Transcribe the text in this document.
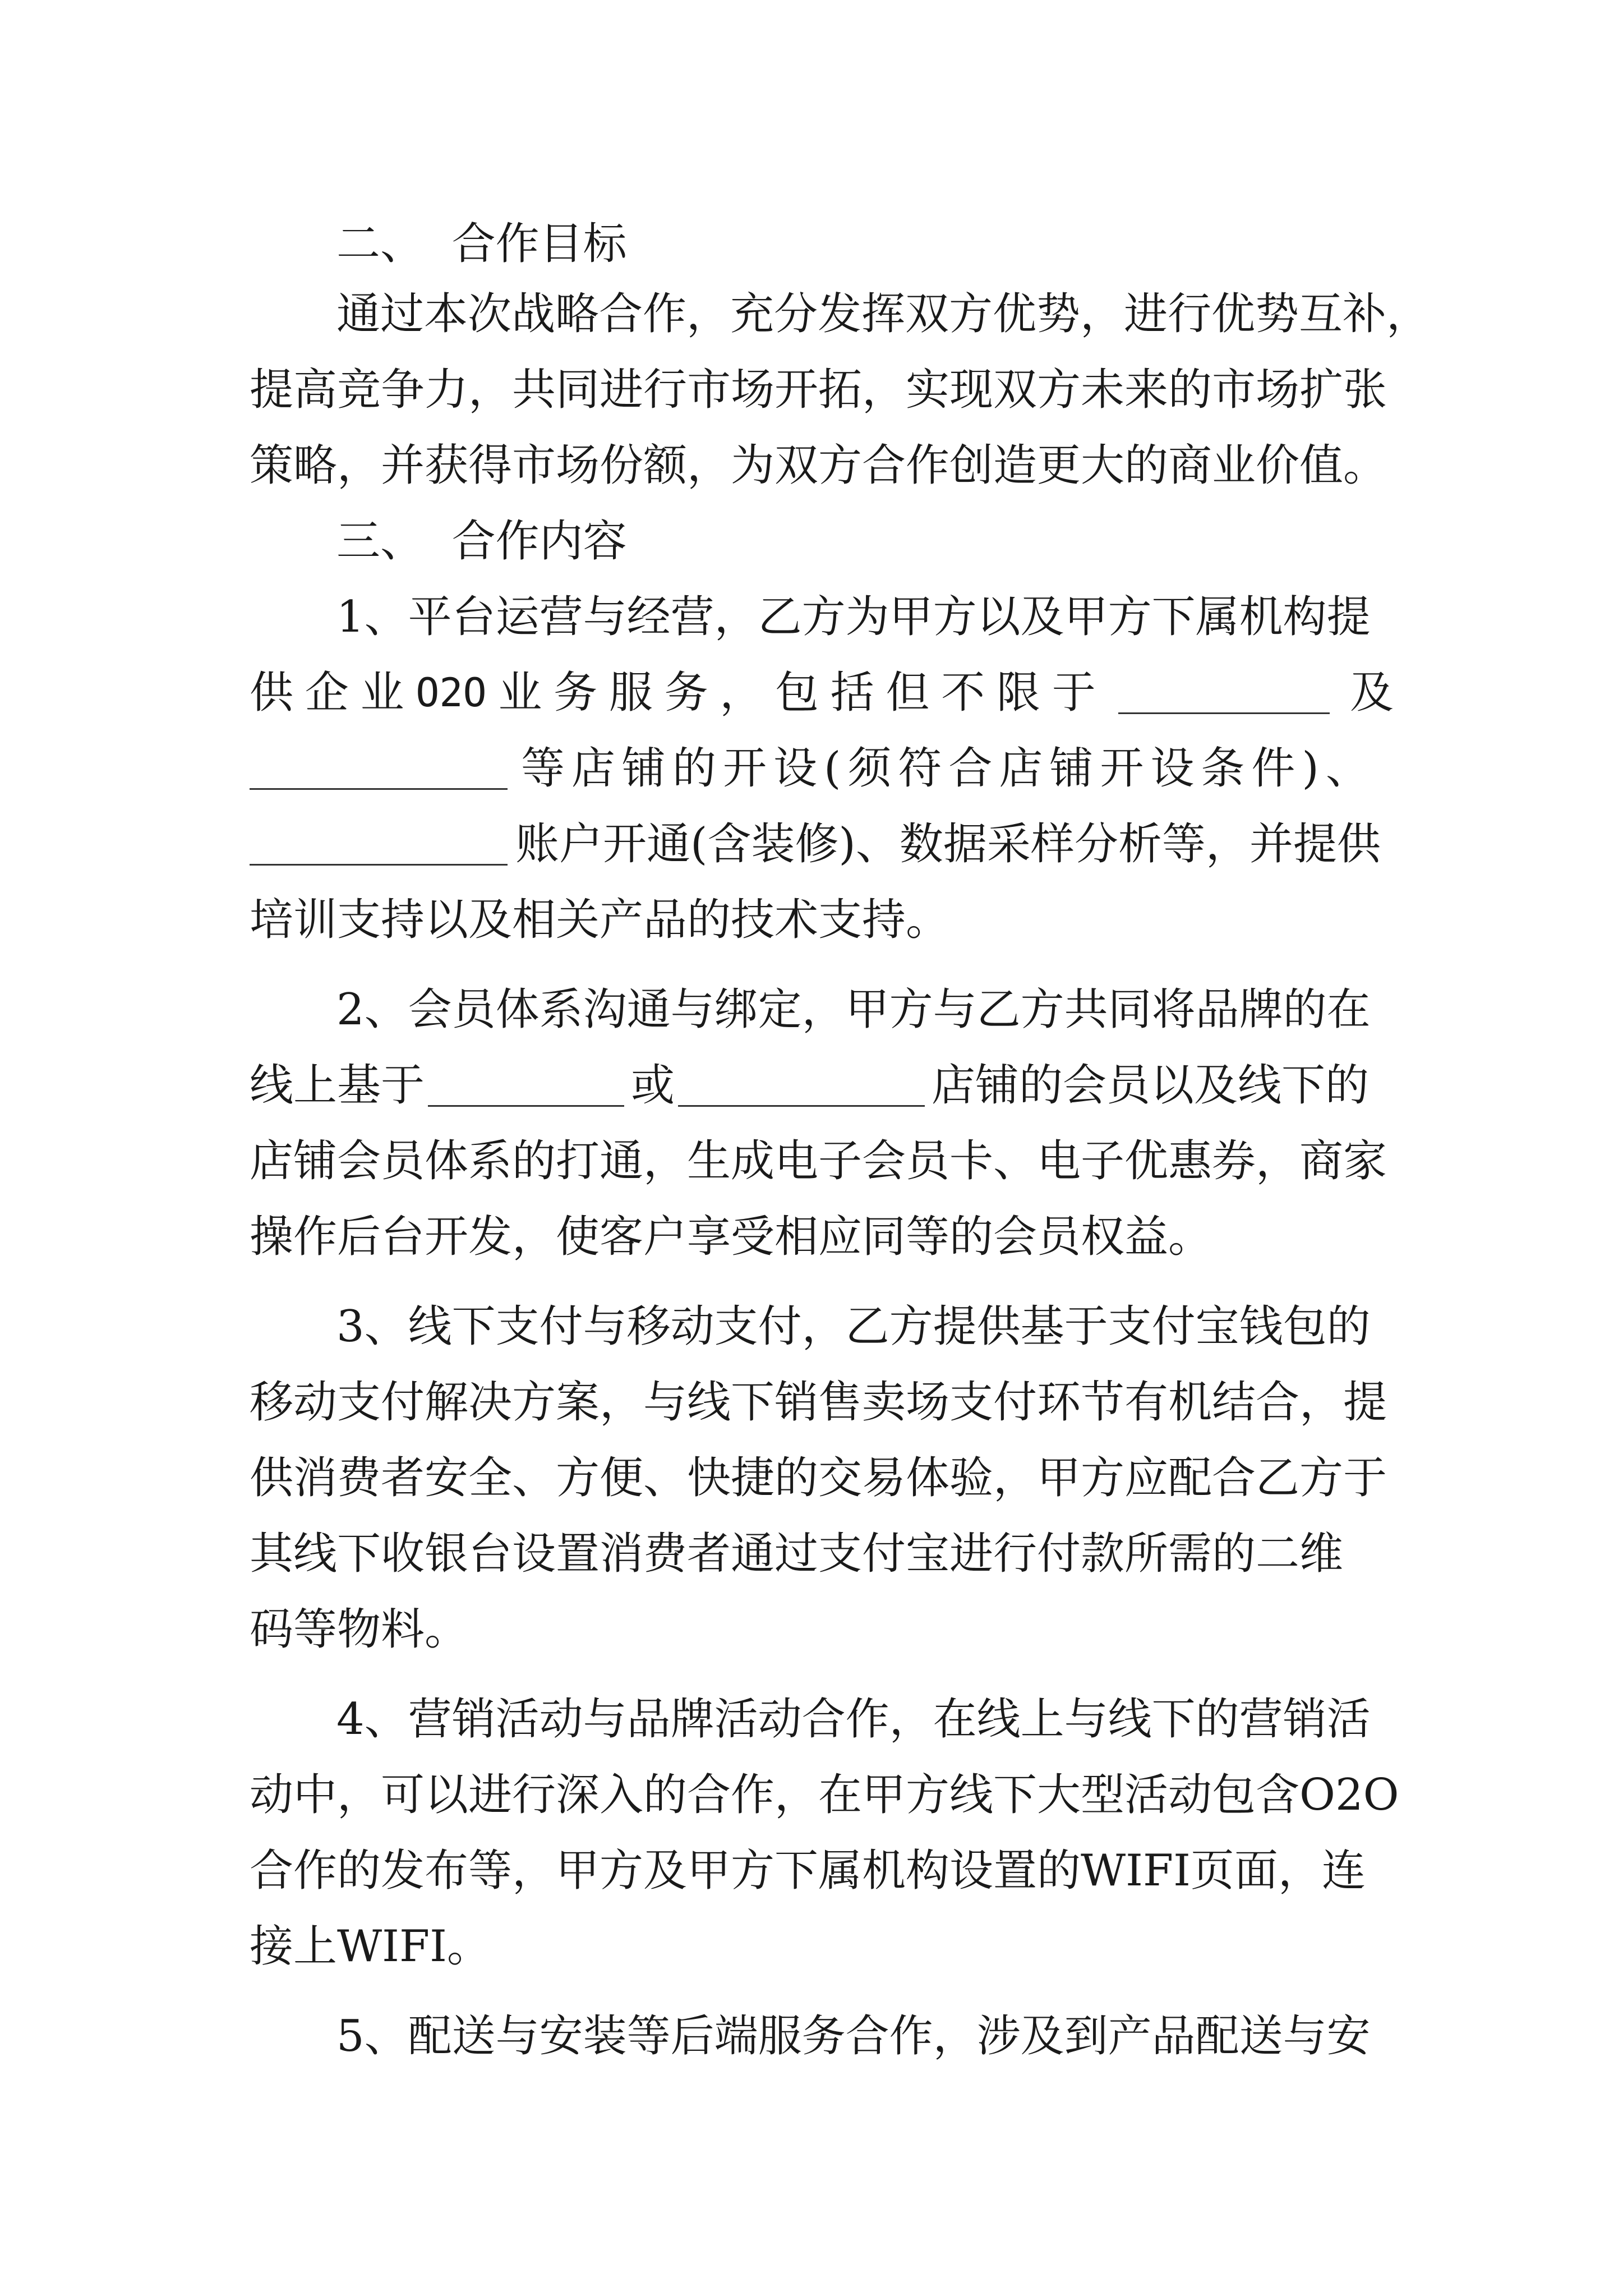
二、  合作目标
通过本次战略合作，充分发挥双方优势，进行优势互补，
提高竞争力，共同进行市场开拓，实现双方未来的市场扩张
策略，并获得市场份额，为双方合作创造更大的商业价值。
三、  合作内容
1、平台运营与经营，乙方为甲方以及甲方下属机构提
供 企 业 O2O 业 务 服 务 ， 包 括 但 不 限 于	及
等店铺的开设(须符合店铺开设条件)、
账户开通(含装修)、数据采样分析等，并提供
培训支持以及相关产品的技术支持。
2、会员体系沟通与绑定，甲方与乙方共同将品牌的在
线上基于	或	店铺的会员以及线下的
店铺会员体系的打通，生成电子会员卡、电子优惠券，商家
操作后台开发，使客户享受相应同等的会员权益。
3、线下支付与移动支付，乙方提供基于支付宝钱包的
移动支付解决方案，与线下销售卖场支付环节有机结合，提
供消费者安全、方便、快捷的交易体验，甲方应配合乙方于
其线下收银台设置消费者通过支付宝进行付款所需的二维
码等物料。
4、营销活动与品牌活动合作，在线上与线下的营销活
动中，可以进行深入的合作，在甲方线下大型活动包含O2O
合作的发布等，甲方及甲方下属机构设置的WIFI页面，连
接上WIFI。
5、配送与安装等后端服务合作，涉及到产品配送与安
